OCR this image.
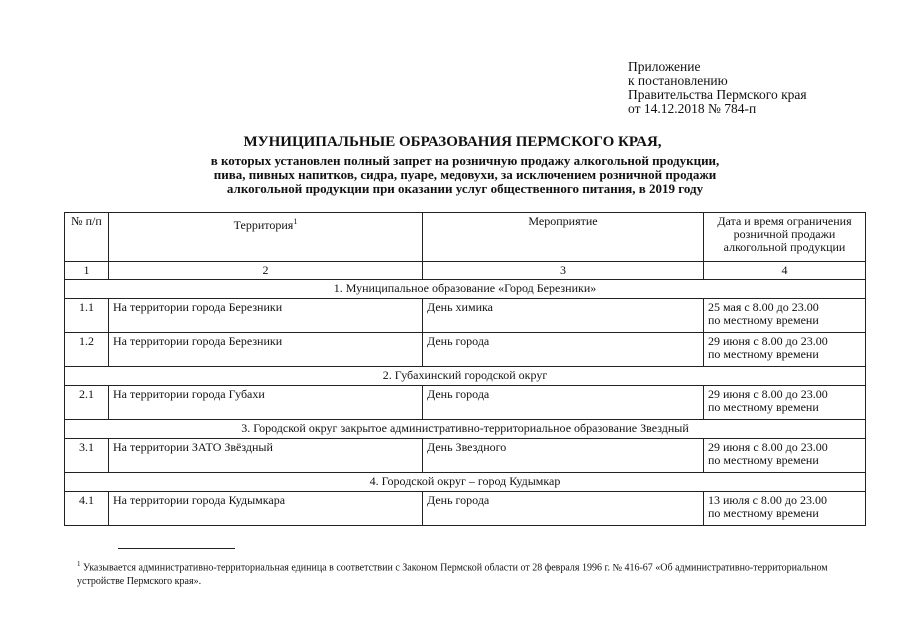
Приложение
к постановлению
Правительства Пермского края
от 14.12.2018 № 784-п
МУНИЦИПАЛЬНЫЕ ОБРАЗОВАНИЯ ПЕРМСКОГО КРАЯ,
в которых установлен полный запрет на розничную продажу алкогольной продукции,
пива, пивных напитков, сидра, пуаре, медовухи, за исключением розничной продажи
алкогольной продукции при оказании услуг общественного питания, в 2019 году
№ п/п	Территория$^1$	Мероприятие	Дата и время ограничения розничной продажи алкогольной продукции
1	2	3	4
1. Муниципальное образование «Город Березники»			
1.1	На территории города Березники	День химика	25 мая с 8.00 до 23.00
по местному времени

1.2	На территории города Березники	День города	29 июня с 8.00 до 23.00
по местному времени

2. Губахинский городской округ			
2.1	На территории города Губахи	День города	29 июня с 8.00 до 23.00
по местному времени

3. Городской округ закрытое административно-территориальное образование Звездный			
3.1	На территории ЗАТО Звёздный	День Звездного	29 июня с 8.00 до 23.00
по местному времени

4. Городской округ – город Кудымкар			
4.1	На территории города Кудымкара	День города	13 июля с 8.00 до 23.00
по местному времени
$^1$ Указывается административно-территориальная единица в соответствии с Законом Пермской области от 28 февраля 1996 г. № 416-67 «Об административно-территориальном устройстве Пермского края».
